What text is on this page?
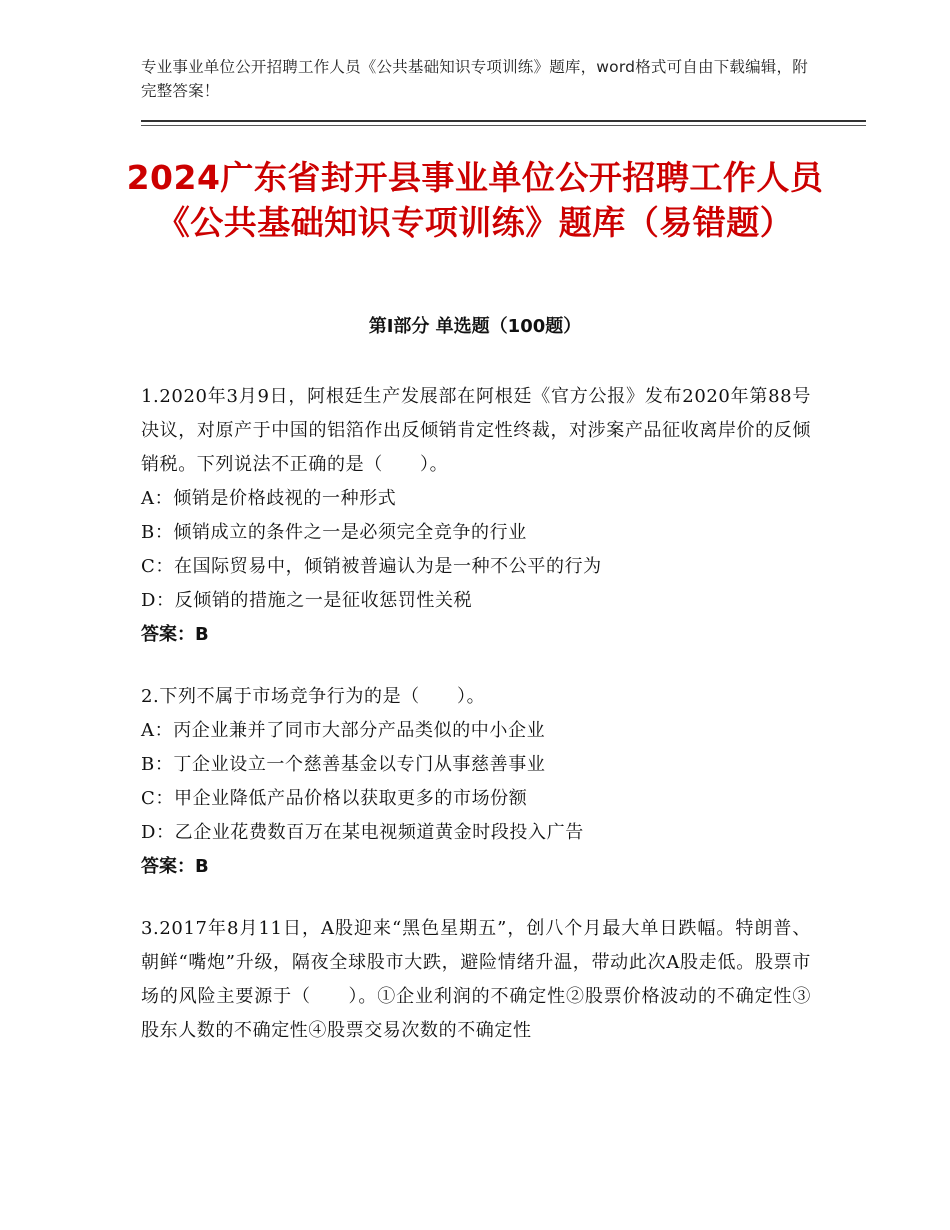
专业事业单位公开招聘工作人员《公共基础知识专项训练》题库，word格式可自由下载编辑，附完整答案！
2024广东省封开县事业单位公开招聘工作人员《公共基础知识专项训练》题库（易错题）
第Ⅰ部分 单选题（100题）
1.2020年3月9日，阿根廷生产发展部在阿根廷《官方公报》发布2020年第88号决议，对原产于中国的铝箔作出反倾销肯定性终裁，对涉案产品征收离岸价的反倾销税。下列说法不正确的是（　　）。
A：倾销是价格歧视的一种形式
B：倾销成立的条件之一是必须完全竞争的行业
C：在国际贸易中，倾销被普遍认为是一种不公平的行为
D：反倾销的措施之一是征收惩罚性关税
答案：B
2.下列不属于市场竞争行为的是（　　）。
A：丙企业兼并了同市大部分产品类似的中小企业
B：丁企业设立一个慈善基金以专门从事慈善事业
C：甲企业降低产品价格以获取更多的市场份额
D：乙企业花费数百万在某电视频道黄金时段投入广告
答案：B
3.2017年8月11日，A股迎来“黑色星期五”，创八个月最大单日跌幅。特朗普、朝鲜“嘴炮”升级，隔夜全球股市大跌，避险情绪升温，带动此次A股走低。股票市场的风险主要源于（　　）。①企业利润的不确定性②股票价格波动的不确定性③股东人数的不确定性④股票交易次数的不确定性
